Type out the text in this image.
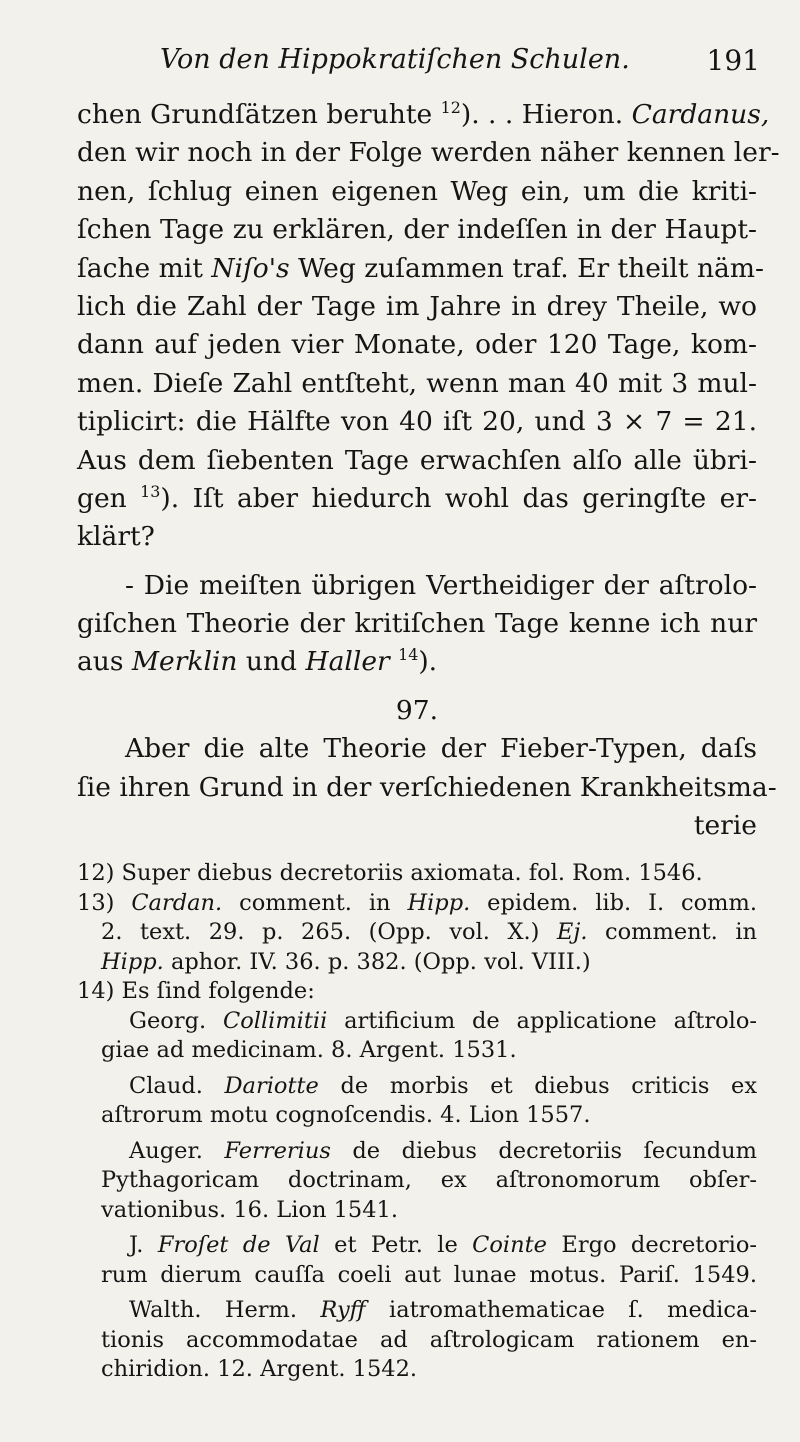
Von den Hippokratiſchen Schulen.	191
chen Grundſätzen beruhte $^{12}$). . . Hieron. Cardanus,
den wir noch in der Folge werden näher kennen ler-
nen, ſchlug einen eigenen Weg ein, um die kriti-
ſchen Tage zu erklären, der indeſſen in der Haupt-
ſache mit Niſo's Weg zuſammen traf. Er theilt näm-
lich die Zahl der Tage im Jahre in drey Theile, wo
dann auf jeden vier Monate, oder 120 Tage, kom-
men. Dieſe Zahl entſteht, wenn man 40 mit 3 mul-
tiplicirt: die Hälfte von 40 iſt 20, und 3 × 7 = 21.
Aus dem ſiebenten Tage erwachſen alſo alle übri-
gen $^{13}$). Iſt aber hiedurch wohl das geringſte er-
klärt?
- Die meiſten übrigen Vertheidiger der aſtrolo-
giſchen Theorie der kritiſchen Tage kenne ich nur
aus Merklin und Haller $^{14}$).
97.
Aber die alte Theorie der Fieber-Typen, daſs
ſie ihren Grund in der verſchiedenen Krankheitsma-
terie
12) Super diebus decretoriis axiomata. fol. Rom. 1546.
13) Cardan. comment. in Hipp. epidem. lib. I. comm.
2. text. 29. p. 265. (Opp. vol. X.) Ej. comment. in
Hipp. aphor. IV. 36. p. 382. (Opp. vol. VIII.)
14) Es ſind folgende:
Georg. Collimitii artificium de applicatione aſtrolo-
giae ad medicinam. 8. Argent. 1531.
Claud. Dariotte de morbis et diebus criticis ex
aſtrorum motu cognoſcendis. 4. Lion 1557.
Auger. Ferrerius de diebus decretoriis ſecundum
Pythagoricam doctrinam, ex aſtronomorum obſer-
vationibus. 16. Lion 1541.
J. Froſet de Val et Petr. le Cointe Ergo decretorio-
rum dierum cauſſa coeli aut lunae motus. Pariſ. 1549.
Walth. Herm. Ryff iatromathematicae ſ. medica-
tionis accommodatae ad aſtrologicam rationem en-
chiridion. 12. Argent. 1542.
